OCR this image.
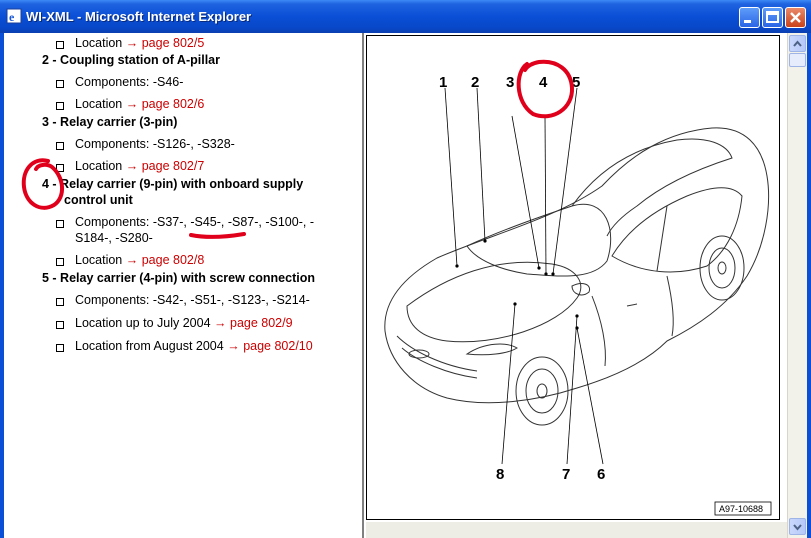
e WI-XML - Microsoft Internet Explorer
Location → page 802/5
2 - Coupling station of A-pillar
Components: -S46-
Location → page 802/6
3 - Relay carrier (3-pin)
Components: -S126-, -S328-
Location → page 802/7
4 - Relay carrier (9-pin) with onboard supply
control unit
Components: -S37-, -S45-, -S87-, -S100-, -
S184-, -S280-
Location → page 802/8
5 - Relay carrier (4-pin) with screw connection
Components: -S42-, -S51-, -S123-, -S214-
Location up to July 2004 → page 802/9
Location from August 2004 → page 802/10
1 2 3 4 5
8	7 6
A97-10688
